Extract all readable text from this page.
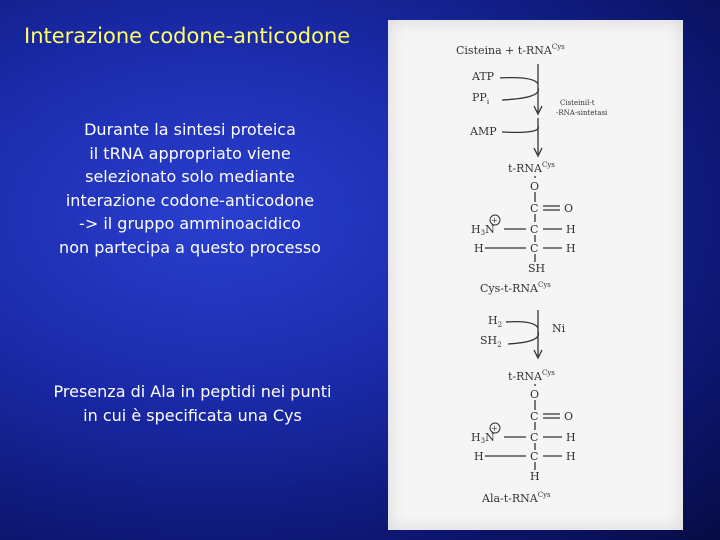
Interazione codone-anticodone
Durante la sintesi proteica
il tRNA appropriato viene
selezionato solo mediante
interazione codone-anticodone
-> il gruppo amminoacidico
non partecipa a questo processo
Presenza di Ala in peptidi nei punti
in cui è specificata una Cys
Cisteina + $t-RNA^{Cys}$
ATP
$PP_i$	Cisteinil-t
-RNA-sintetasi
AMP
$t-RNA^{Cys}$
O
C O
+
H3N	C	H
H	C	H
SH
Cys-$t-RNA^{Cys}$
$H_2$
$SH_2$
Ni
$t-RNA^{Cys}$
O
C O
+
H3N	C	H
H	C	H
H
Ala-$t-RNA^{Cys}$
